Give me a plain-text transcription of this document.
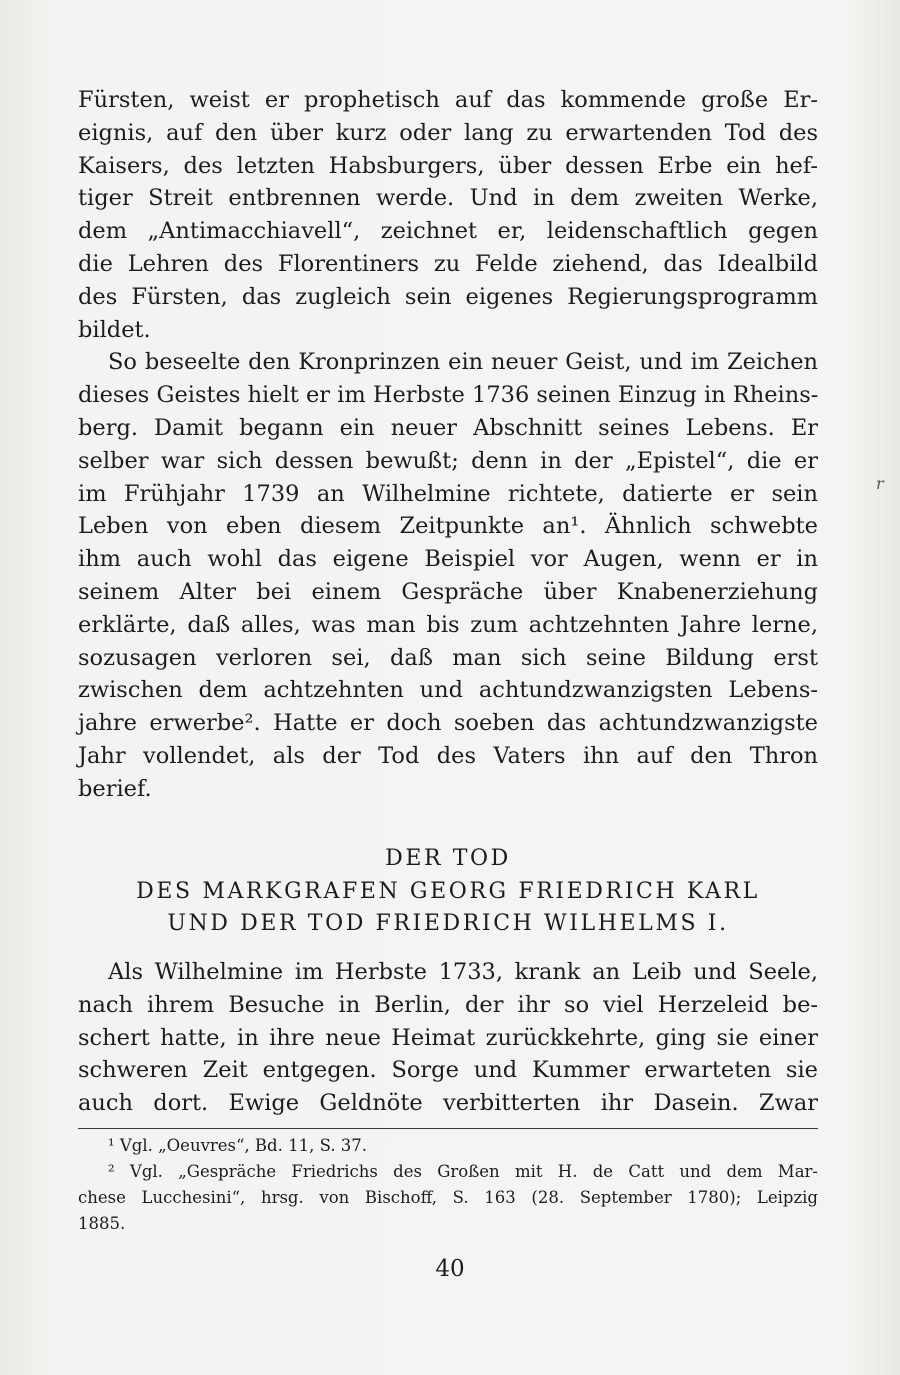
Fürsten, weist er prophetisch auf das kommende große Er-
eignis, auf den über kurz oder lang zu erwartenden Tod des
Kaisers, des letzten Habsburgers, über dessen Erbe ein hef-
tiger Streit entbrennen werde. Und in dem zweiten Werke,
dem „Antimacchiavell“, zeichnet er, leidenschaftlich gegen
die Lehren des Florentiners zu Felde ziehend, das Idealbild
des Fürsten, das zugleich sein eigenes Regierungsprogramm
bildet.
So beseelte den Kronprinzen ein neuer Geist, und im Zeichen
dieses Geistes hielt er im Herbste 1736 seinen Einzug in Rheins-
berg. Damit begann ein neuer Abschnitt seines Lebens. Er
selber war sich dessen bewußt; denn in der „Epistel“, die er
im Frühjahr 1739 an Wilhelmine richtete, datierte er sein
Leben von eben diesem Zeitpunkte an¹. Ähnlich schwebte
ihm auch wohl das eigene Beispiel vor Augen, wenn er in
seinem Alter bei einem Gespräche über Knabenerziehung
erklärte, daß alles, was man bis zum achtzehnten Jahre lerne,
sozusagen verloren sei, daß man sich seine Bildung erst
zwischen dem achtzehnten und achtundzwanzigsten Lebens-
jahre erwerbe². Hatte er doch soeben das achtundzwanzigste
Jahr vollendet, als der Tod des Vaters ihn auf den Thron
berief.
DER TOD
DES MARKGRAFEN GEORG FRIEDRICH KARL
UND DER TOD FRIEDRICH WILHELMS I.
Als Wilhelmine im Herbste 1733, krank an Leib und Seele,
nach ihrem Besuche in Berlin, der ihr so viel Herzeleid be-
schert hatte, in ihre neue Heimat zurückkehrte, ging sie einer
schweren Zeit entgegen. Sorge und Kummer erwarteten sie
auch dort. Ewige Geldnöte verbitterten ihr Dasein. Zwar
¹ Vgl. „Oeuvres“, Bd. 11, S. 37.
² Vgl. „Gespräche Friedrichs des Großen mit H. de Catt und dem Mar-
chese Lucchesini“, hrsg. von Bischoff, S. 163 (28. September 1780); Leipzig
1885.
40
r
